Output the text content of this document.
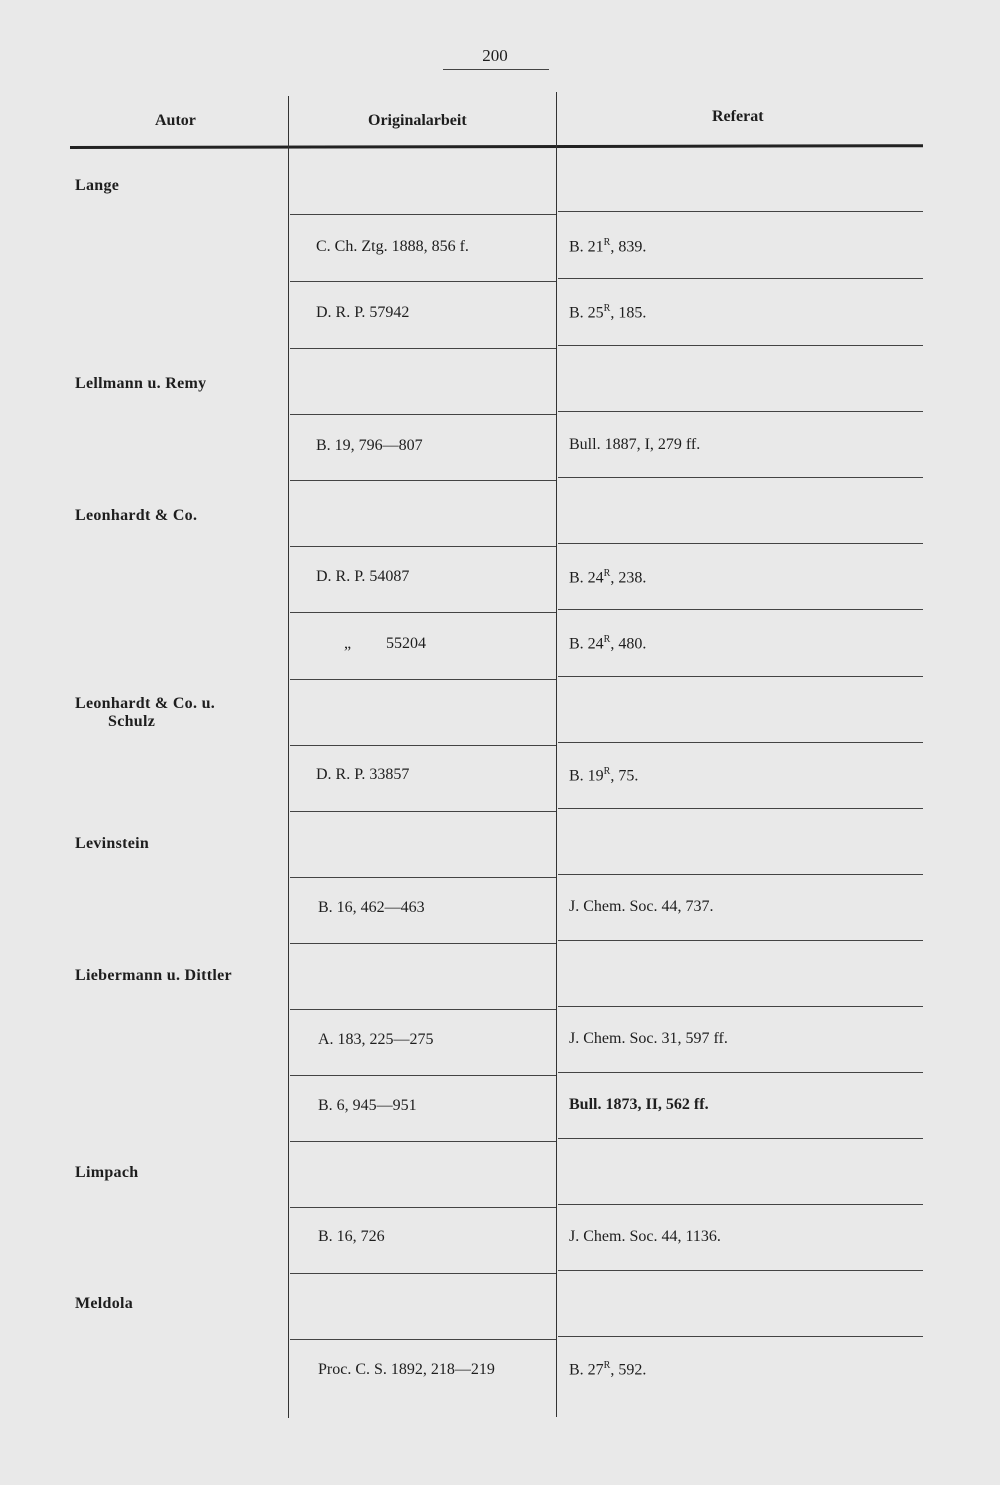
200
Autor	Originalarbeit	Referat
Lange
Lellmann u. Remy
Leonhardt & Co.
Leonhardt & Co. u.
Schulz
Levinstein
Liebermann u. Dittler
Limpach
Meldola
C. Ch. Ztg. 1888, 856 f.
D. R. P. 57942
B. 19, 796—807
D. R. P. 54087
„ 55204
D. R. P. 33857
B. 16, 462—463
A. 183, 225—275
B. 6, 945—951
B. 16, 726
Proc. C. S. 1892, 218—219
B. $21^R$, 839.
B. $25^R$, 185.
Bull. 1887, I, 279 ff.
B. $24^R$, 238.
B. $24^R$, 480.
B. $19^R$, 75.
J. Chem. Soc. 44, 737.
J. Chem. Soc. 31, 597 ff.
Bull. 1873, II, 562 ff.
J. Chem. Soc. 44, 1136.
B. $27^R$, 592.
